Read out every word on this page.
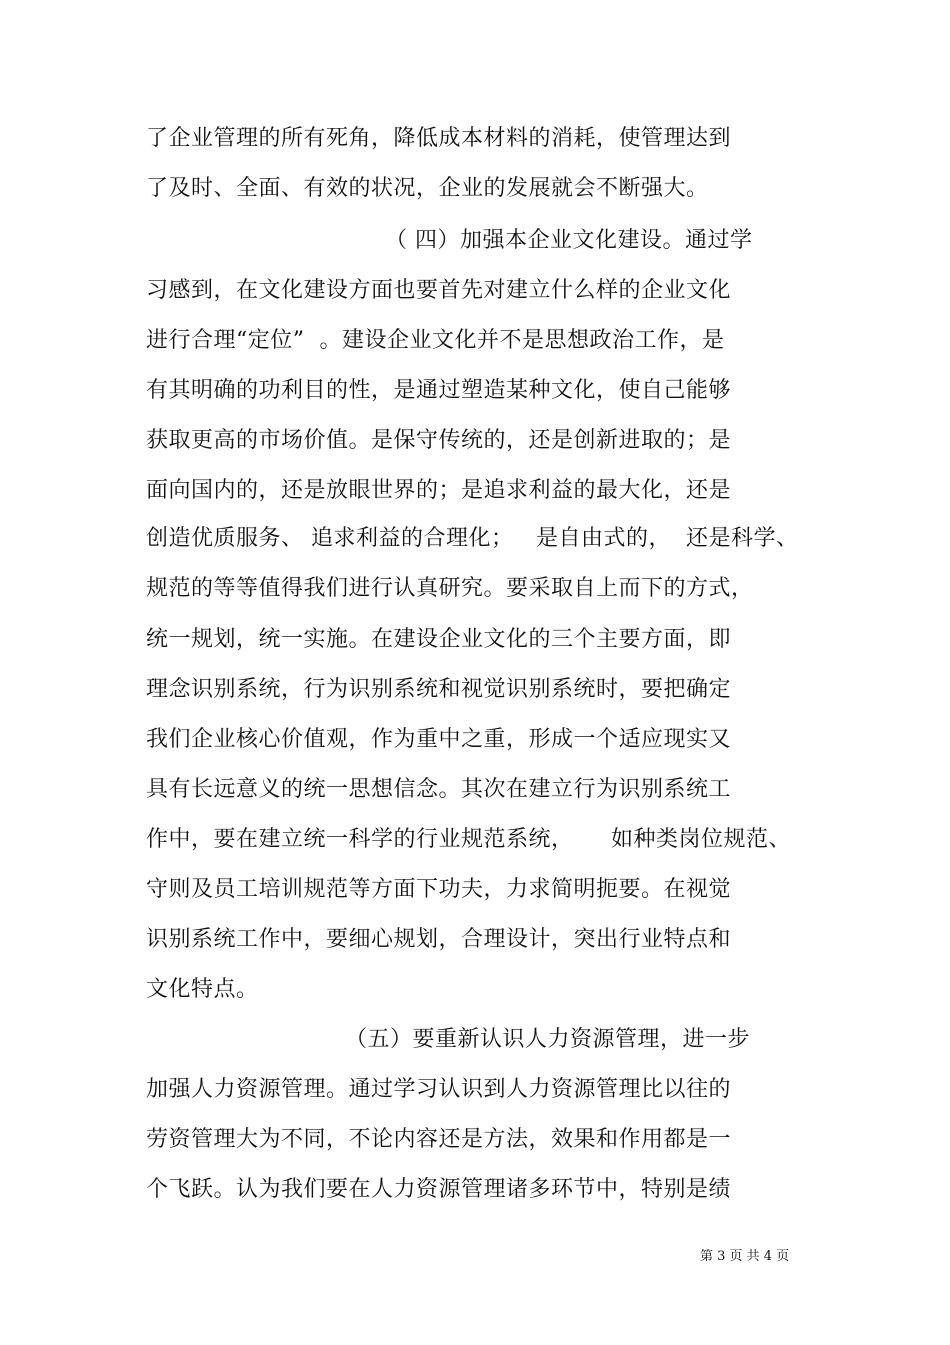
了企业管理的所有死角，降低成本材料的消耗，使管理达到
了及时、全面、有效的状况，企业的发展就会不断强大。
（ 四）加强本企业文化建设。通过学
习感到，在文化建设方面也要首先对建立什么样的企业文化
进行合理“定位”  。建设企业文化并不是思想政治工作，是
有其明确的功利目的性，是通过塑造某种文化，使自己能够
获取更高的市场价值。是保守传统的，还是创新进取的；是
面向国内的，还是放眼世界的；是追求利益的最大化，还是
创造优质服务、 追求利益的合理化；   是自由式的，  还是科学、
规范的等等值得我们进行认真研究。要采取自上而下的方式，
统一规划，统一实施。在建设企业文化的三个主要方面，即
理念识别系统，行为识别系统和视觉识别系统时，要把确定
我们企业核心价值观，作为重中之重，形成一个适应现实又
具有长远意义的统一思想信念。其次在建立行为识别系统工
作中，要在建立统一科学的行业规范系统，     如种类岗位规范、
守则及员工培训规范等方面下功夫，力求简明扼要。在视觉
识别系统工作中，要细心规划，合理设计，突出行业特点和
文化特点。
（五）要重新认识人力资源管理，进一步
加强人力资源管理。通过学习认识到人力资源管理比以往的
劳资管理大为不同，不论内容还是方法，效果和作用都是一
个飞跃。认为我们要在人力资源管理诸多环节中，特别是绩
第 3 页 共 4 页
